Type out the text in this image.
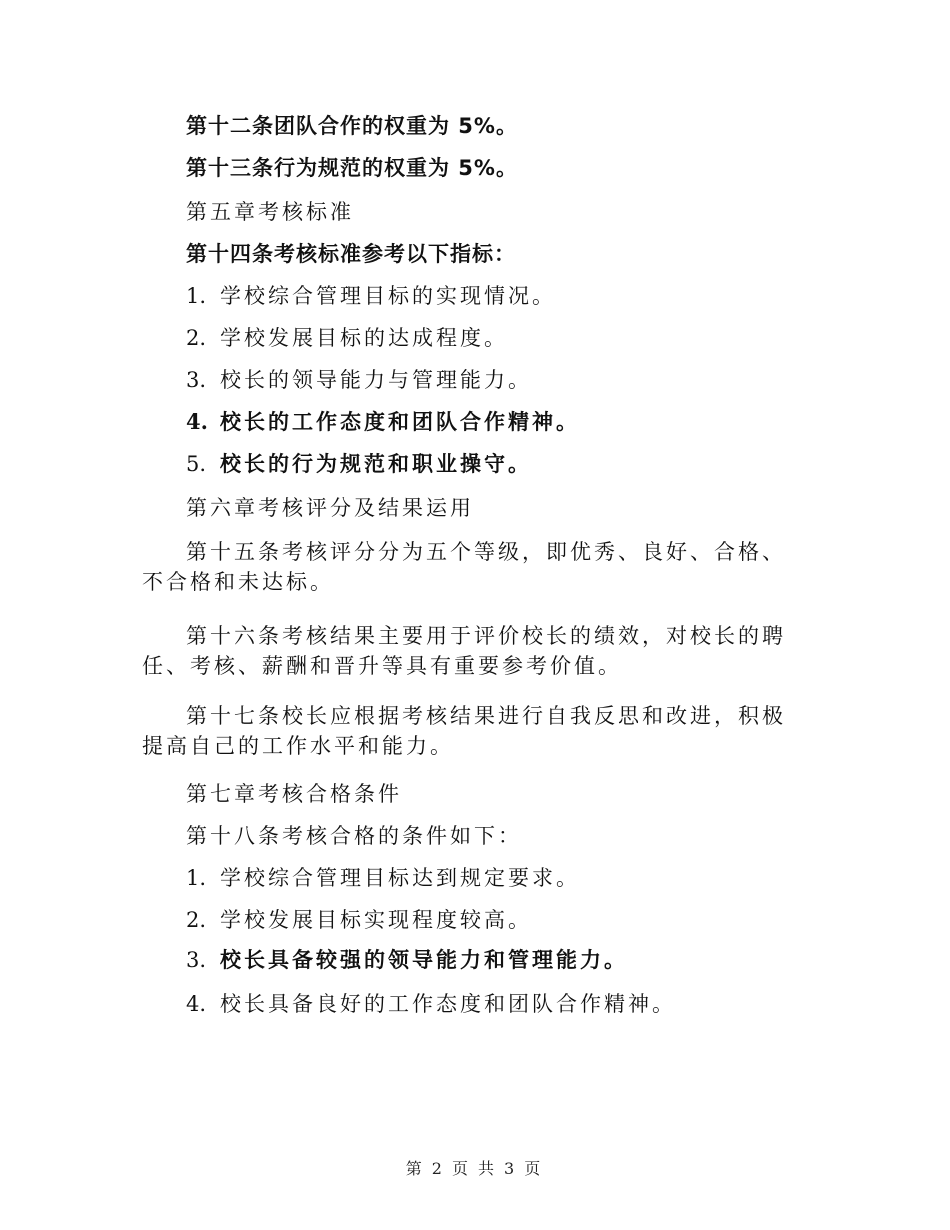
第十二条团队合作的权重为 5%。
第十三条行为规范的权重为 5%。
第五章考核标准
第十四条考核标准参考以下指标：
1. 学校综合管理目标的实现情况。
2. 学校发展目标的达成程度。
3. 校长的领导能力与管理能力。
4. 校长的工作态度和团队合作精神。
5. 校长的行为规范和职业操守。
第六章考核评分及结果运用
第十五条考核评分分为五个等级，即优秀、良好、合格、不合格和未达标。
第十六条考核结果主要用于评价校长的绩效，对校长的聘任、考核、薪酬和晋升等具有重要参考价值。
第十七条校长应根据考核结果进行自我反思和改进，积极提高自己的工作水平和能力。
第七章考核合格条件
第十八条考核合格的条件如下：
1. 学校综合管理目标达到规定要求。
2. 学校发展目标实现程度较高。
3. 校长具备较强的领导能力和管理能力。
4. 校长具备良好的工作态度和团队合作精神。
第 2 页 共 3 页
